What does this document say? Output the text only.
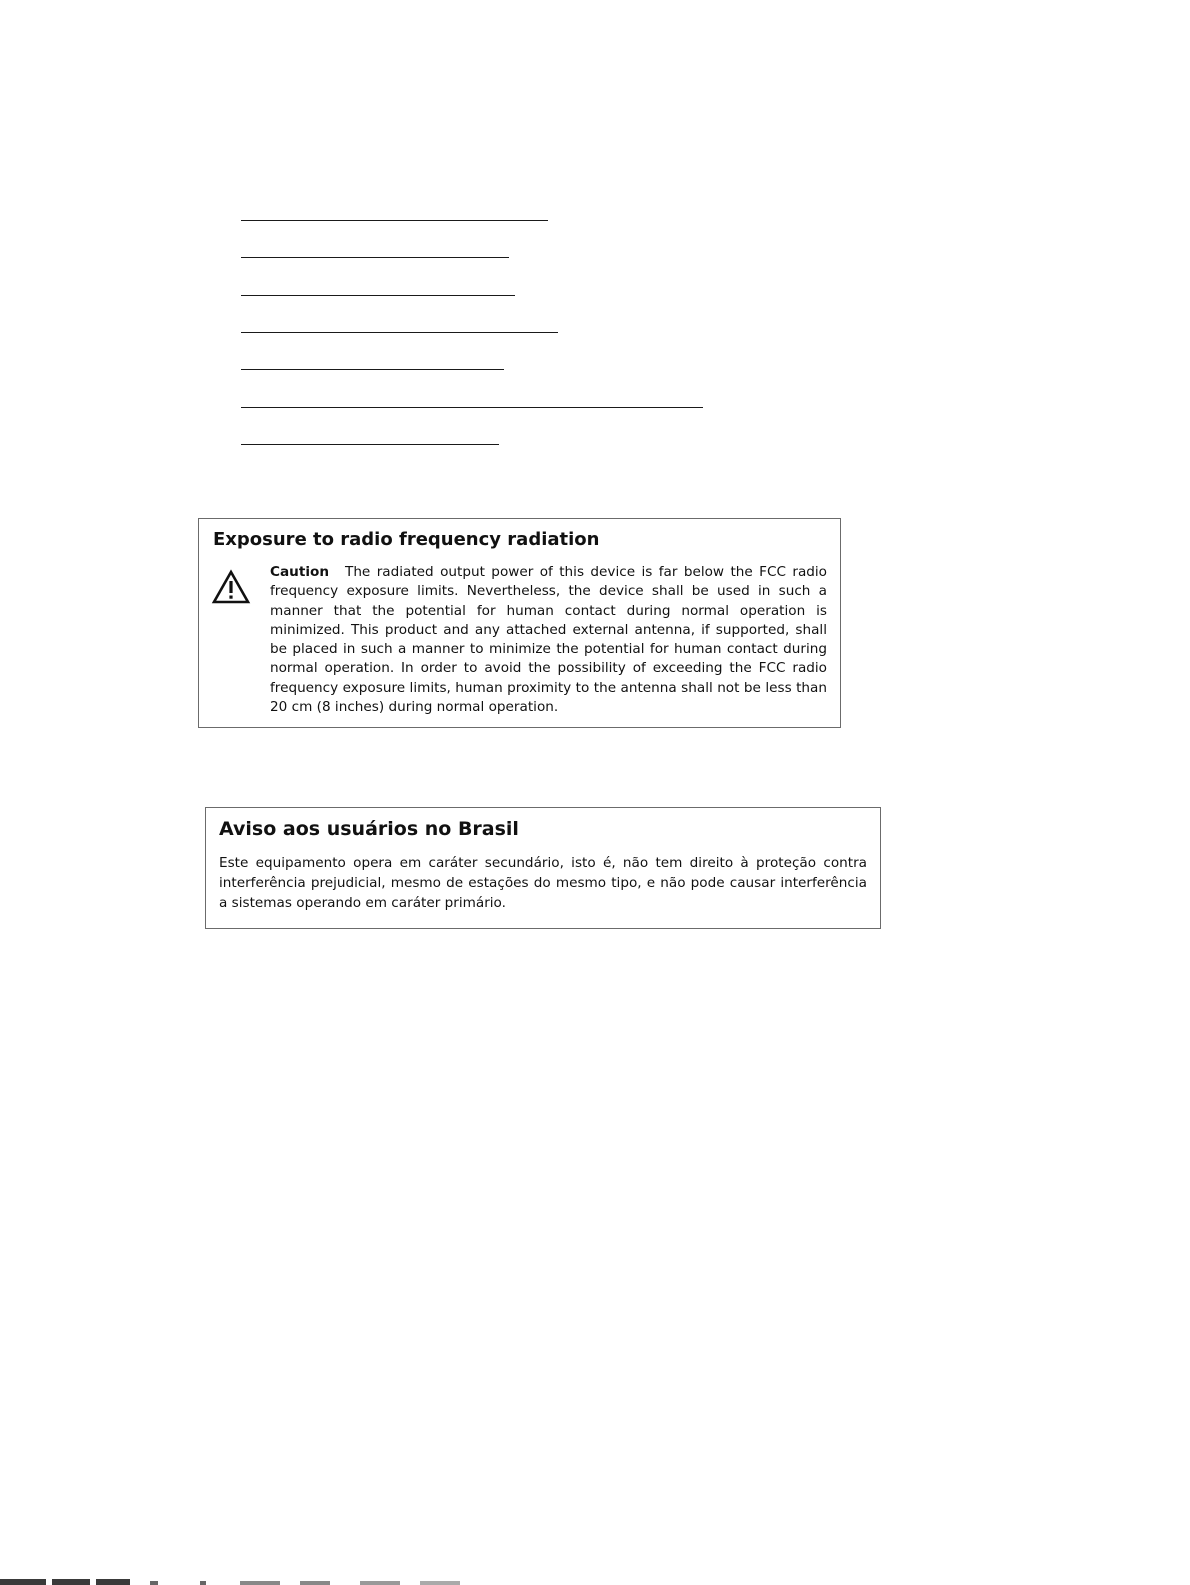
Exposure to radio frequency radiation
Caution The radiated output power of this device is far below the FCC radio frequency exposure limits. Nevertheless, the device shall be used in such a manner that the potential for human contact during normal operation is minimized. This product and any attached external antenna, if supported, shall be placed in such a manner to minimize the potential for human contact during normal operation. In order to avoid the possibility of exceeding the FCC radio frequency exposure limits, human proximity to the antenna shall not be less than 20 cm (8 inches) during normal operation.
Aviso aos usuários no Brasil
Este equipamento opera em caráter secundário, isto é, não tem direito à proteção contra interferência prejudicial, mesmo de estações do mesmo tipo, e não pode causar interferência a sistemas operando em caráter primário.
